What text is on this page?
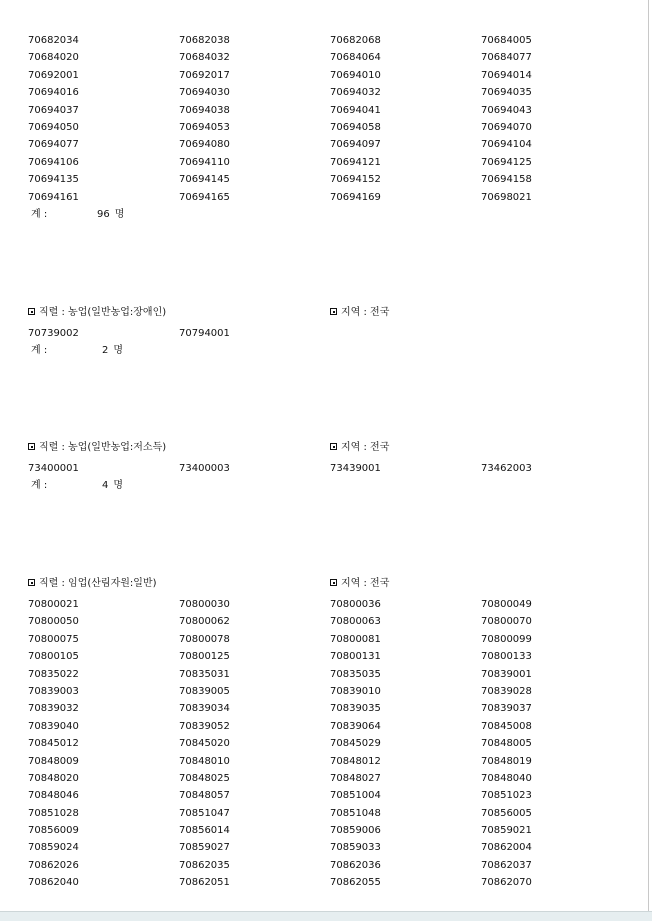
70682034	70682038	70682068	70684005
70684020	70684032	70684064	70684077
70692001	70692017	70694010	70694014
70694016	70694030	70694032	70694035
70694037	70694038	70694041	70694043
70694050	70694053	70694058	70694070
70694077	70694080	70694097	70694104
70694106	70694110	70694121	70694125
70694135	70694145	70694152	70694158
70694161	70694165	70694169	70698021
계 :	96 명
직렬 : 농업(일반농업:장애인)	지역 : 전국
70739002	70794001
계 :	2 명
직렬 : 농업(일반농업:저소득)	지역 : 전국
73400001	73400003	73439001	73462003
계 :	4 명
직렬 : 임업(산림자원:일반)	지역 : 전국
70800021	70800030	70800036	70800049
70800050	70800062	70800063	70800070
70800075	70800078	70800081	70800099
70800105	70800125	70800131	70800133
70835022	70835031	70835035	70839001
70839003	70839005	70839010	70839028
70839032	70839034	70839035	70839037
70839040	70839052	70839064	70845008
70845012	70845020	70845029	70848005
70848009	70848010	70848012	70848019
70848020	70848025	70848027	70848040
70848046	70848057	70851004	70851023
70851028	70851047	70851048	70856005
70856009	70856014	70859006	70859021
70859024	70859027	70859033	70862004
70862026	70862035	70862036	70862037
70862040	70862051	70862055	70862070
